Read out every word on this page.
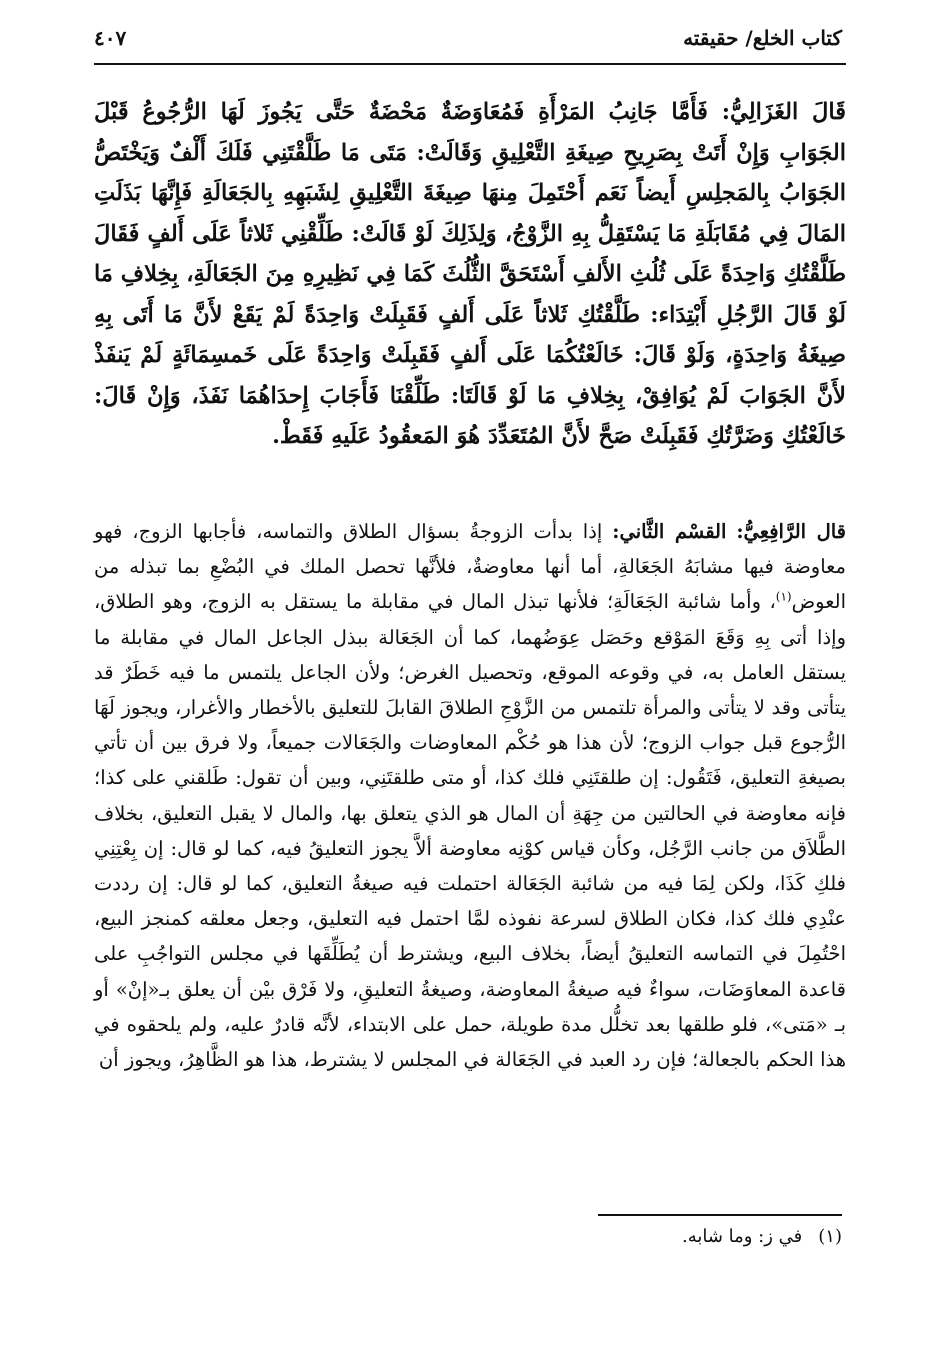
كتاب الخلع/ حقيقته
٤٠٧

قَالَ الغَزَالِيُّ: فَأَمَّا جَانِبُ المَرْأَةِ فَمُعَاوَضَةٌ مَحْضَةٌ حَتَّى يَجُوزَ لَهَا الرُّجُوعُ قَبْلَ الجَوَابِ وَإِنْ أَتَتْ بِصَرِيحِ صِيغَةِ التَّعْلِيقِ وَقَالَتْ: مَتَى مَا طَلَّقْتَنِي فَلَكَ أَلْفٌ وَيَخْتَصُّ الجَوَابُ بِالمَجلِسِ أَيضاً نَعَم أَحْتَمِلَ مِنهَا صِيغَةَ التَّعْلِيقِ لِشَبَهِهِ بِالجَعَالَةِ فَإِنَّهَا بَذَلَتِ المَالَ فِي مُقَابَلَةِ مَا يَسْتَقِلُّ بِهِ الزَّوْجُ، وَلِذَلِكَ لَوْ قَالَتْ: طَلِّقْنِي ثَلاثاً عَلَى أَلفٍ فَقَالَ طَلَّقْتُكِ وَاحِدَةً عَلَى ثُلُثِ الأَلفِ أَسْتَحَقَّ الثُّلُثَ كَمَا فِي نَظِيرِهِ مِنَ الجَعَالَةِ، بِخِلافِ مَا لَوْ قَالَ الرَّجُلِ أَبْتِدَاء: طَلَّقْتُكِ ثَلاثاً عَلَى أَلفٍ فَقَبِلَتْ وَاحِدَةً لَمْ يَقَعْ لأَنَّ مَا أَتَى بِهِ صِيغَةُ وَاحِدَةٍ، وَلَوْ قَالَ: خَالَعْتُكُمَا عَلَى أَلفٍ فَقَبِلَتْ وَاحِدَةً عَلَى خَمسِمَائَةٍ لَمْ يَنفَذْ لأَنَّ الجَوَابَ لَمْ يُوَافِقْ، بِخِلافِ مَا لَوْ قَالَتَا: طَلِّقْنَا فَأَجَابَ إِحدَاهُمَا نَفَذَ، وَإِنْ قَالَ: خَالَعْتُكِ وَضَرَّتُكِ فَقَبِلَتْ صَحَّ لأَنَّ المُتَعَدِّدَ هُوَ المَعقُودُ عَلَيهِ فَقَطْ.

قال الرَّافِعِيُّ: القسْم الثَّاني: إذا بدأت الزوجةُ بسؤال الطلاق والتماسه، فأجابها الزوج، فهو معاوضة فيها مشابَهُ الجَعَالةِ، أما أنها معاوضةٌ، فلأنَّها تحصل الملك في البُضْعِ بما تبذله من العوض$^{(١)}$، وأما شائبة الجَعَالَةِ؛ فلأنها تبذل المال في مقابلة ما يستقل به الزوج، وهو الطلاق، وإذا أتى بِهِ وَقَعَ المَوْقع وحَصَل عِوَضُهما، كما أن الجَعَالة ببذل الجاعل المال في مقابلة ما يستقل العامل به، في وقوعه الموقع، وتحصيل الغرض؛ ولأن الجاعل يلتمس ما فيه خَطَرٌ قد يتأتى وقد لا يتأتى والمرأة تلتمس من الزَّوْجِ الطلاقَ القابلَ للتعليق بالأخطار والأغرار، ويجوز لَهَا الرُّجوع قبل جواب الزوج؛ لأن هذا هو حُكْم المعاوضات والجَعَالات جميعاً، ولا فرق بين أن تأتي بصيغةِ التعليق، فَتَقُول: إن طلقتَنِي فلك كذا، أو متى طلقتَنِي، وبين أن تقول: طَلقني على كذا؛ فإنه معاوضة في الحالتين من جِهَةِ أن المال هو الذي يتعلق بها، والمال لا يقبل التعليق، بخلاف الطَّلاَق من جانب الرَّجُل، وكأن قياس كوْنِه معاوضة ألاَّ يجوز التعليقُ فيه، كما لو قال: إن بِعْتِنِي فلكِ كَذَا، ولكن لِمَا فيه من شائبة الجَعَالة احتملت فيه صيغةُ التعليق، كما لو قال: إن رددت عنْدِي فلك كذا، فكان الطلاق لسرعة نفوذه لمَّا احتمل فيه التعليق، وجعل معلقه كمنجز البيع، احْتُمِلَ في التماسه التعليقُ أيضاً، بخلاف البيع، ويشترط أن يُطَلِّقَها في مجلس التواجُبِ على قاعدة المعاوَضَات، سواءٌ فيه صيغةُ المعاوضة، وصيغةُ التعليقِ، ولا فَرْق بيْن أن يعلق بـ«إنْ» أو بـ «مَتى»، فلو طلقها بعد تخلُّل مدة طويلة، حمل على الابتداء، لأنَّه قادرٌ عليه، ولم يلحقوه في هذا الحكم بالجعالة؛ فإن رد العبد في الجَعَالة في المجلس لا يشترط، هذا هو الظَّاهِرُ، ويجوز أن

(١)في ز: وما شابه.
